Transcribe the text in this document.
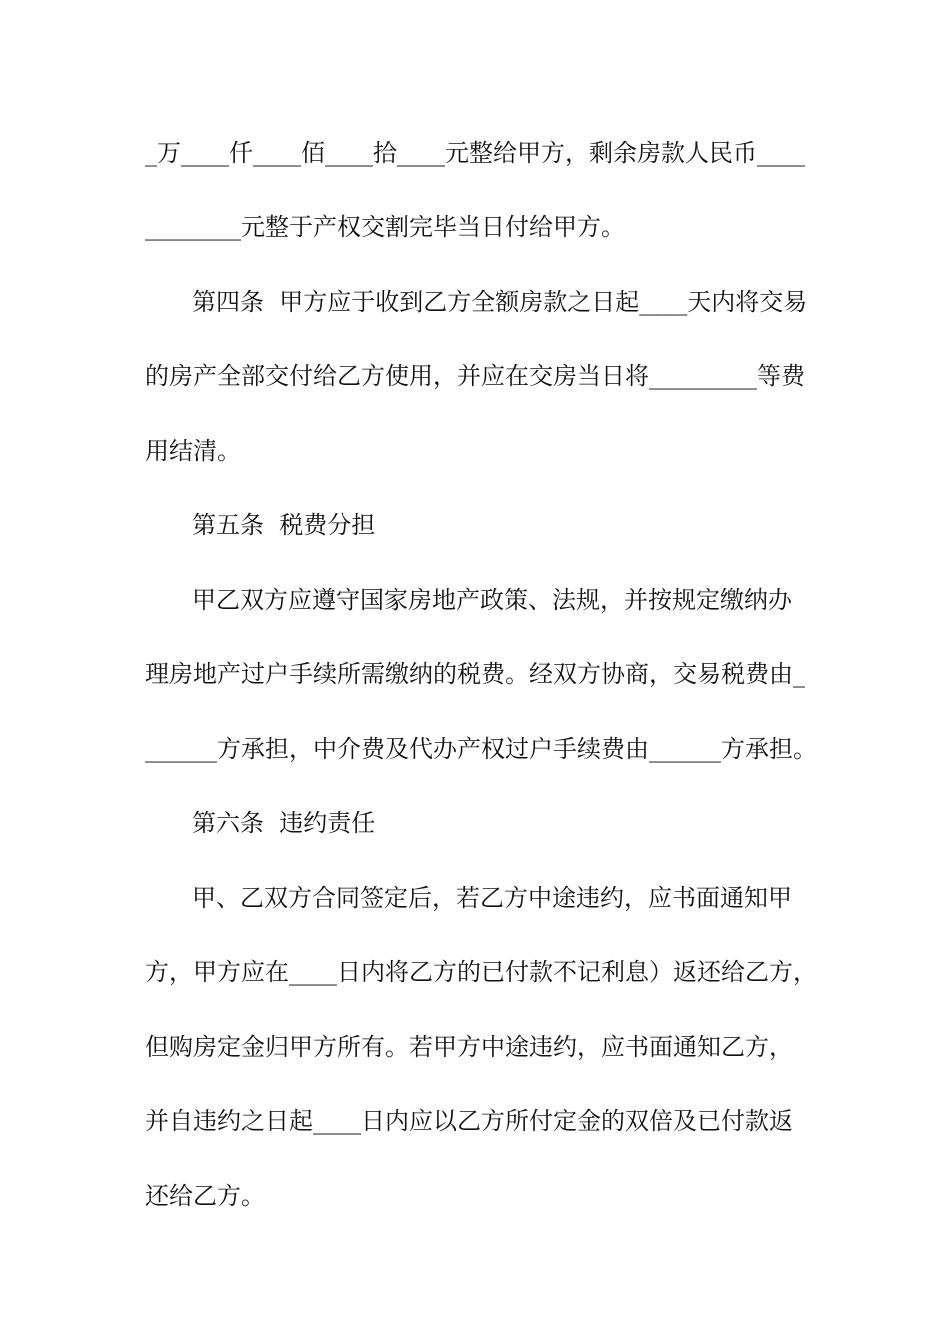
_万____仟____佰____拾____元整给甲方，剩余房款人民币____
________元整于产权交割完毕当日付给甲方。
第四条  甲方应于收到乙方全额房款之日起____天内将交易
的房产全部交付给乙方使用，并应在交房当日将_________等费
用结清。
第五条  税费分担
甲乙双方应遵守国家房地产政策、法规，并按规定缴纳办
理房地产过户手续所需缴纳的税费。经双方协商，交易税费由_
______方承担，中介费及代办产权过户手续费由______方承担。
第六条  违约责任
甲、乙双方合同签定后，若乙方中途违约，应书面通知甲
方，甲方应在____日内将乙方的已付款不记利息）返还给乙方，
但购房定金归甲方所有。若甲方中途违约，应书面通知乙方，
并自违约之日起____日内应以乙方所付定金的双倍及已付款返
还给乙方。
